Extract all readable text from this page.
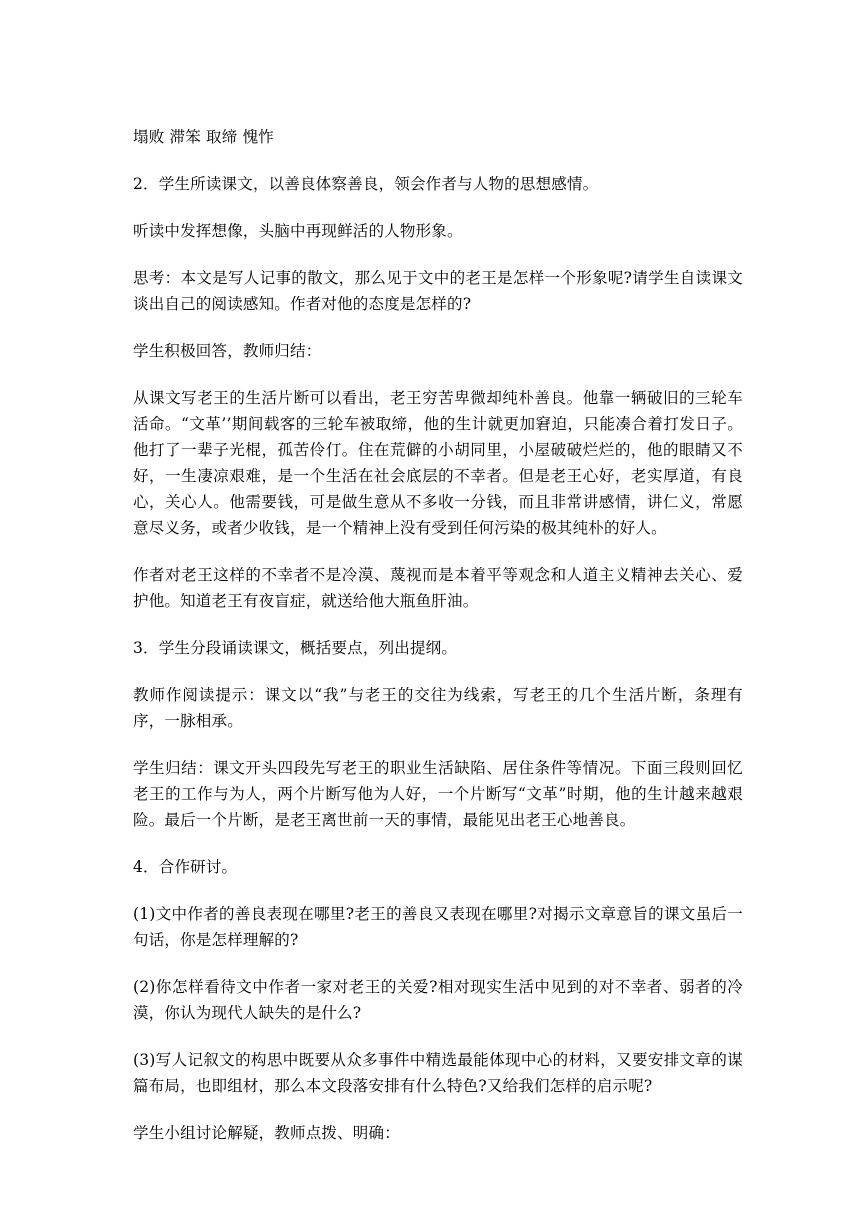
塌败 滞笨 取缔 愧怍

2．学生所读课文，以善良体察善良，领会作者与人物的思想感情。

听读中发挥想像，头脑中再现鲜活的人物形象。

思考：本文是写人记事的散文，那么见于文中的老王是怎样一个形象呢?请学生自读课文谈出自己的阅读感知。作者对他的态度是怎样的?

学生积极回答，教师归结：

从课文写老王的生活片断可以看出，老王穷苦卑微却纯朴善良。他靠一辆破旧的三轮车活命。“文革’’期间载客的三轮车被取缔，他的生计就更加窘迫，只能凑合着打发日子。他打了一辈子光棍，孤苦伶仃。住在荒僻的小胡同里，小屋破破烂烂的，他的眼睛又不好，一生凄凉艰难，是一个生活在社会底层的不幸者。但是老王心好，老实厚道，有良心，关心人。他需要钱，可是做生意从不多收一分钱，而且非常讲感情，讲仁义，常愿意尽义务，或者少收钱，是一个精神上没有受到任何污染的极其纯朴的好人。

作者对老王这样的不幸者不是冷漠、蔑视而是本着平等观念和人道主义精神去关心、爱护他。知道老王有夜盲症，就送给他大瓶鱼肝油。

3．学生分段诵读课文，概括要点，列出提纲。

教师作阅读提示：课文以“我”与老王的交往为线索，写老王的几个生活片断，条理有序，一脉相承。

学生归结：课文开头四段先写老王的职业生活缺陷、居住条件等情况。下面三段则回忆老王的工作与为人，两个片断写他为人好，一个片断写“文革”时期，他的生计越来越艰险。最后一个片断，是老王离世前一天的事情，最能见出老王心地善良。

4．合作研讨。

(1)文中作者的善良表现在哪里?老王的善良又表现在哪里?对揭示文章意旨的课文虽后一句话，你是怎样理解的?

(2)你怎样看待文中作者一家对老王的关爱?相对现实生活中见到的对不幸者、弱者的冷漠，你认为现代人缺失的是什么?

(3)写人记叙文的构思中既要从众多事件中精选最能体现中心的材料，又要安排文章的谋篇布局，也即组材，那么本文段落安排有什么特色?又给我们怎样的启示呢?

学生小组讨论解疑，教师点拨、明确：
